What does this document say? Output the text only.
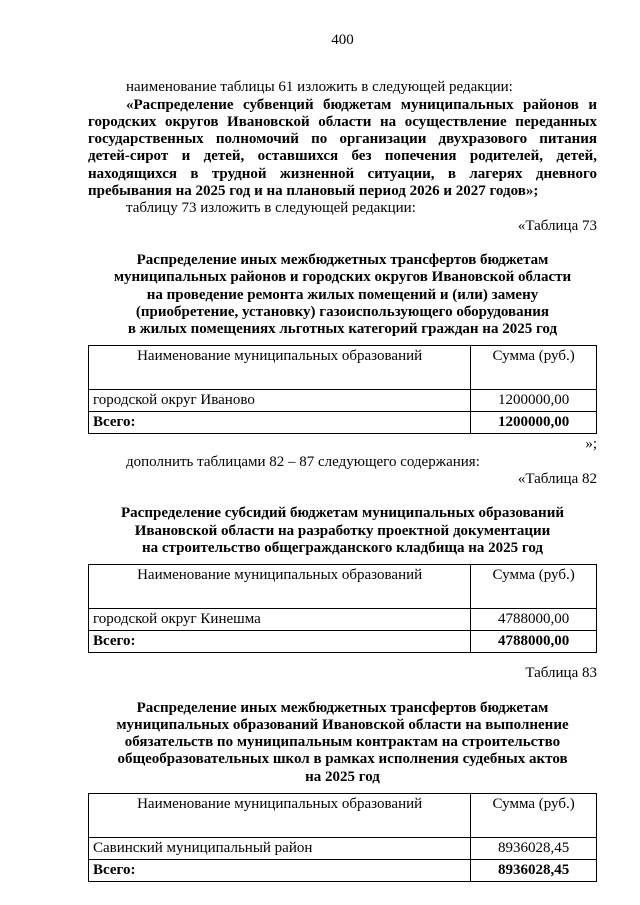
400

наименование таблицы 61 изложить в следующей редакции:

«Распределение субвенций бюджетам муниципальных районов и городских округов Ивановской области на осуществление переданных государственных полномочий по организации двухразового питания детей-сирот и детей, оставшихся без попечения родителей, детей, находящихся в трудной жизненной ситуации, в лагерях дневного пребывания на 2025 год и на плановый период 2026 и 2027 годов»;

таблицу 73 изложить в следующей редакции:

«Таблица 73
Распределение иных межбюджетных трансфертов бюджетам
муниципальных районов и городских округов Ивановской области
на проведение ремонта жилых помещений и (или) замену
(приобретение, установку) газоиспользующего оборудования
в жилых помещениях льготных категорий граждан на 2025 год
Наименование муниципальных образований	Сумма (руб.)
городской округ Иваново	1200000,00
Всего:	1200000,00
»;

дополнить таблицами 82 – 87 следующего содержания:

«Таблица 82
Распределение субсидий бюджетам муниципальных образований
Ивановской области на разработку проектной документации
на строительство общегражданского кладбища на 2025 год
Наименование муниципальных образований	Сумма (руб.)
городской округ Кинешма	4788000,00
Всего:	4788000,00
Таблица 83
Распределение иных межбюджетных трансфертов бюджетам
муниципальных образований Ивановской области на выполнение
обязательств по муниципальным контрактам на строительство
общеобразовательных школ в рамках исполнения судебных актов
на 2025 год
Наименование муниципальных образований	Сумма (руб.)
Савинский муниципальный район	8936028,45
Всего:	8936028,45
